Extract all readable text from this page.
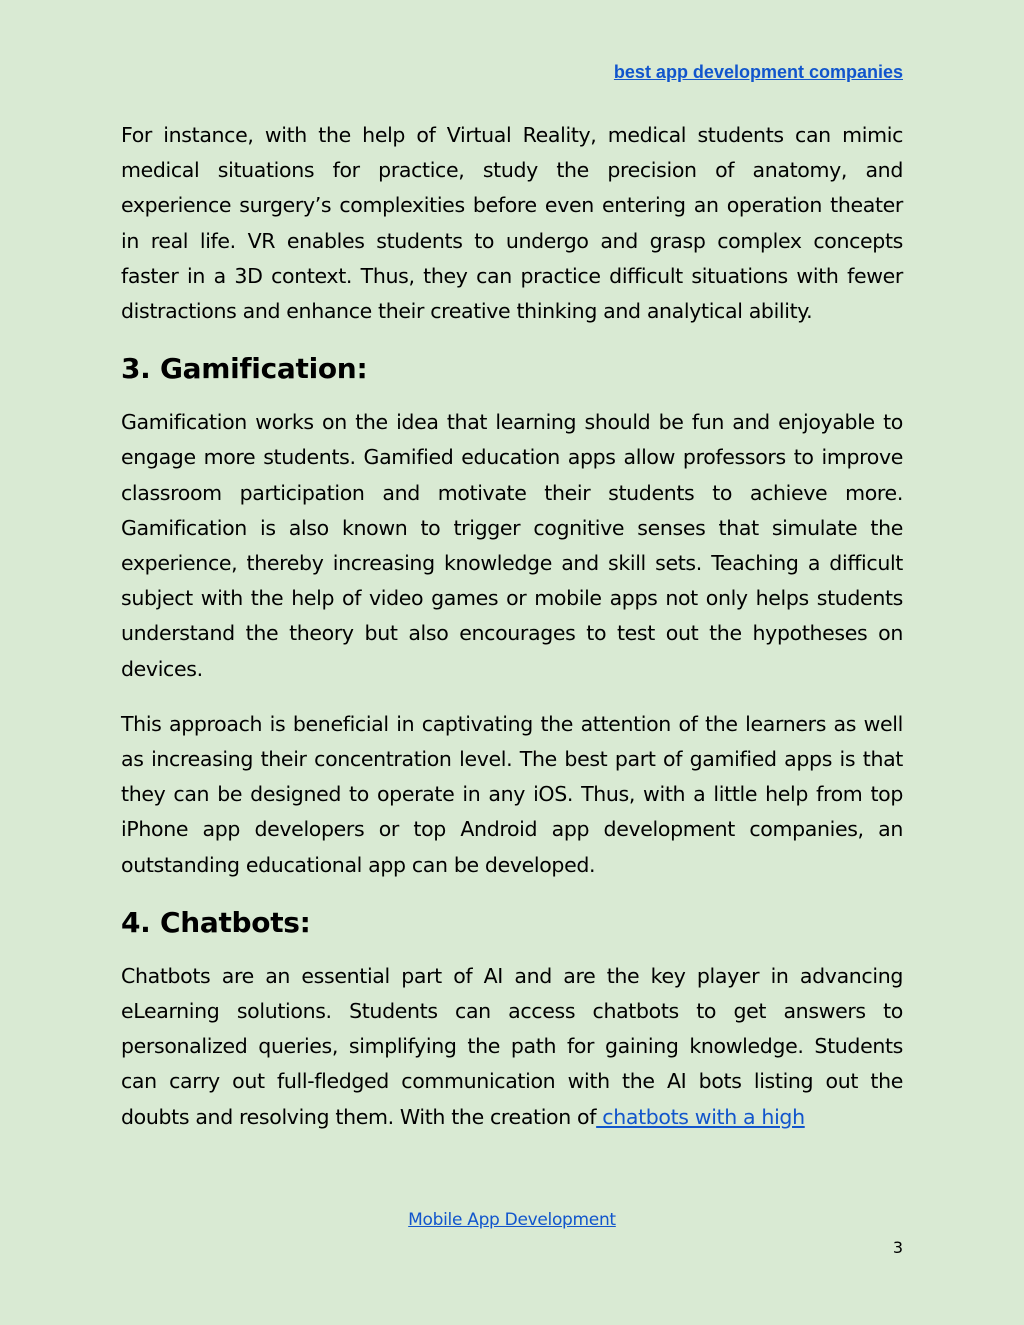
best app development companies

For instance, with the help of Virtual Reality, medical students can mimic medical situations for practice, study the precision of anatomy, and experience surgery’s complexities before even entering an operation theater in real life. VR enables students to undergo and grasp complex concepts faster in a 3D context. Thus, they can practice difficult situations with fewer distractions and enhance their creative thinking and analytical ability.

3. Gamification:

Gamification works on the idea that learning should be fun and enjoyable to engage more students. Gamified education apps allow professors to improve classroom participation and motivate their students to achieve more. Gamification is also known to trigger cognitive senses that simulate the experience, thereby increasing knowledge and skill sets. Teaching a difficult subject with the help of video games or mobile apps not only helps students understand the theory but also encourages to test out the hypotheses on devices.

This approach is beneficial in captivating the attention of the learners as well as increasing their concentration level. The best part of gamified apps is that they can be designed to operate in any iOS. Thus, with a little help from top iPhone app developers or top Android app development companies, an outstanding educational app can be developed.

4. Chatbots:

Chatbots are an essential part of AI and are the key player in advancing eLearning solutions. Students can access chatbots to get answers to personalized queries, simplifying the path for gaining knowledge. Students can carry out full-fledged communication with the AI bots listing out the doubts and resolving them. With the creation of chatbots with a high

Mobile App Development
3
